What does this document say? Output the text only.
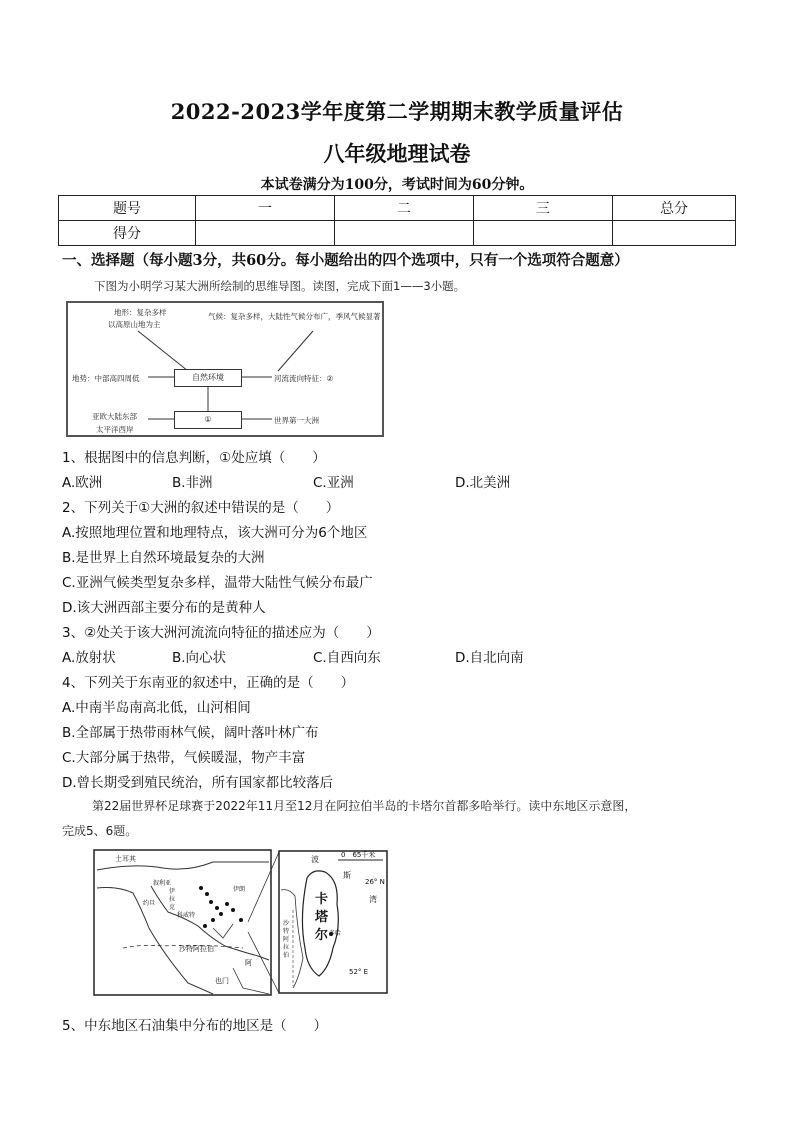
2022-2023学年度第二学期期末教学质量评估
八年级地理试卷
本试卷满分为100分，考试时间为60分钟。
题号	一	二	三	总分
得分				
一、选择题（每小题3分，共60分。每小题给出的四个选项中，只有一个选项符合题意）
下图为小明学习某大洲所绘制的思维导图。读图，完成下面1——3小题。
地形：复杂多样
以高原山地为主
气候：复杂多样，大陆性气候分布广，季风气候显著
地势：中部高四周低	自然环境	河流流向特征：②
亚欧大陆东部
太平洋西岸
①	世界第一大洲
1、根据图中的信息判断，①处应填（　　）
A.欧洲	B.非洲	C.亚洲	D.北美洲
2、下列关于①大洲的叙述中错误的是（　　）
A.按照地理位置和地理特点，该大洲可分为6个地区
B.是世界上自然环境最复杂的大洲
C.亚洲气候类型复杂多样，温带大陆性气候分布最广
D.该大洲西部主要分布的是黄种人
3、②处关于该大洲河流流向特征的描述应为（　　）
A.放射状	B.向心状	C.自西向东	D.自北向南
4、下列关于东南亚的叙述中，正确的是（　　）
A.中南半岛南高北低，山河相间
B.全部属于热带雨林气候，阔叶落叶林广布
C.大部分属于热带，气候暖湿，物产丰富
D.曾长期受到殖民统治，所有国家都比较落后
第22届世界杯足球赛于2022年11月至12月在阿拉伯半岛的卡塔尔首都多哈举行。读中东地区示意图，
完成5、6题。
土耳其
叙利亚
伊拉克
伊朗
约旦
科威特
沙特阿拉伯
也门
阿
波	0　65千米
斯
26° N
湾
卡
塔
尔 多哈
沙特阿拉伯
52° E
5、中东地区石油集中分布的地区是（　　）
